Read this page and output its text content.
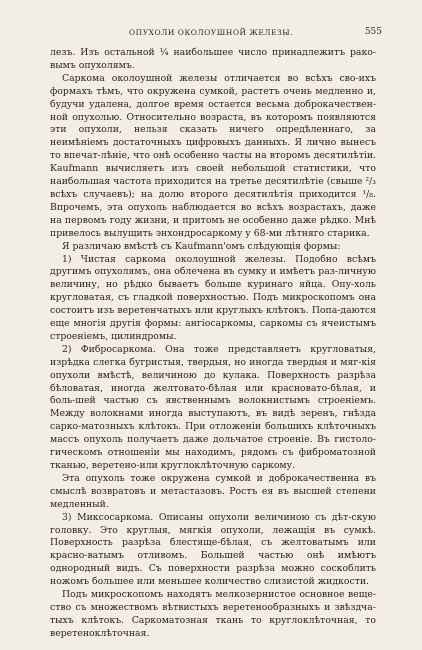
ОПУХОЛИ ОКОЛОУШНОЙ ЖЕЛЕЗЫ.	555

лезъ. Изъ остальной ¼ наибольшее число принадлежитъ рако-вымъ опухолямъ.

Саркома околоушной железы отличается во всѣхъ сво-ихъ формахъ тѣмъ, что окружена сумкой, растетъ очень медленно и, будучи удалена, долгое время остается весьма доброкачествен-ной опухолью. Относительно возраста, въ которомъ появляются эти опухоли, нельзя сказать ничего опредѣленнаго, за неимѣніемъ достаточныхъ цифровыхъ данныхъ. Я лично вынесъ то впечат-лѣніе, что онѣ особенно часты на второмъ десятилѣтіи. Kaufmann вычисляетъ изъ своей небольшой статистики, что наибольшая частота приходится на третье десятилѣтіе (свыше ²/₃ всѣхъ случаевъ); на долю второго десятилѣтія приходится ¹/₈. Впрочемъ, эта опухоль наблюдается во всѣхъ возрастахъ, даже на первомъ году жизни, и притомъ не особенно даже рѣдко. Мнѣ привелось вылущить энхондросаркому у 68-ми лѣтняго старика.

Я различаю вмѣстѣ съ Kaufmann'омъ слѣдующія формы:

1) Чистая саркома околоушной железы. Подобно всѣмъ другимъ опухолямъ, она облечена въ сумку и имѣетъ раз-личную величину, но рѣдко бываетъ больше куринаго яйца. Опу-холь кругловатая, съ гладкой поверхностью. Подъ микроскопомъ она состоитъ изъ веретенчатыхъ или круглыхъ клѣтокъ. Попа-даются еще многія другія формы: ангіосаркомы, саркомы съ ячеистымъ строеніемъ, цилиндромы.

2) Фибросаркома. Она тоже представляетъ кругловатыя, изрѣдка слегка бугристыя, твердыя, но иногда твердыя и мяг-кія опухоли вмѣстѣ, величиною до кулака. Поверхность разрѣза бѣловатая, иногда желтовато-бѣлая или красновато-бѣлая, и боль-шей частью съ явственнымъ волокнистымъ строеніемъ. Между волокнами иногда выступаютъ, въ видѣ зеренъ, гнѣзда сарко-матозныхъ клѣтокъ. При отложеніи большихъ клѣточныхъ массъ опухоль получаетъ даже дольчатое строеніе. Въ гистоло-гическомъ отношеніи мы находимъ, рядомъ съ фиброматозной тканью, веретено-или круглоклѣточную саркому.

Эта опухоль тоже окружена сумкой и доброкачественна въ смыслѣ возвратовъ и метастазовъ. Ростъ ея въ высшей степени медленный.

3) Миксосаркома. Описаны опухоли величиною съ дѣт-скую головку. Это круглыя, мягкія опухоли, лежащія въ сумкѣ. Поверхность разрѣза блестяще-бѣлая, съ желтоватымъ или красно-ватымъ отливомъ. Большей частью онѣ имѣютъ однородный видъ. Съ поверхности разрѣза можно соскоблить ножомъ большее или меньшее количество слизистой жидкости.

Подъ микроскопомъ находятъ мелкозернистое основное веще-ство съ множествомъ вѣтвистыхъ веретенообразныхъ и звѣздча-тыхъ клѣтокъ. Саркоматозная ткань то круглоклѣточная, то веретеноклѣточная.
